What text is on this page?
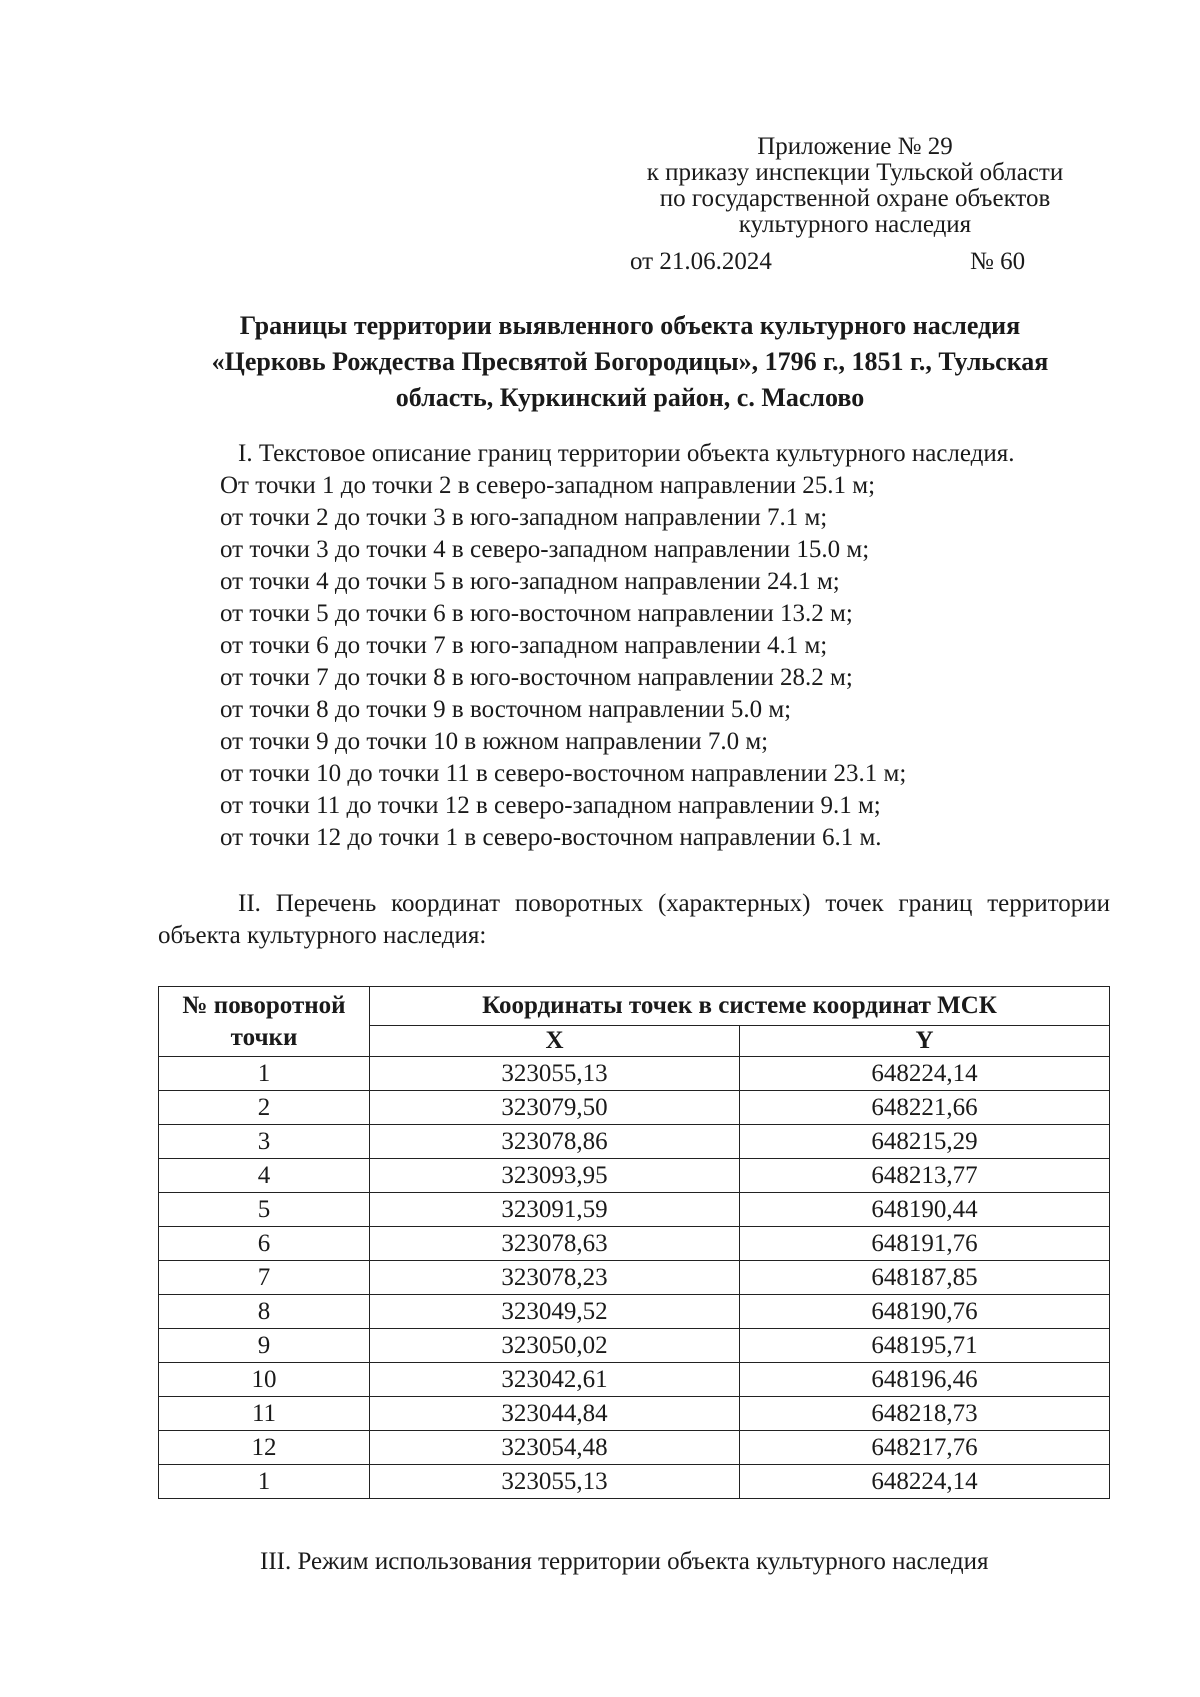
Приложение № 29
к приказу инспекции Тульской области
по государственной охране объектов
культурного наследия
от 21.06.2024	№ 60
Границы территории выявленного объекта культурного наследия
«Церковь Рождества Пресвятой Богородицы», 1796 г., 1851 г., Тульская
область, Куркинский район, с. Маслово
I. Текстовое описание границ территории объекта культурного наследия.
От точки 1 до точки 2 в северо-западном направлении 25.1 м;
от точки 2 до точки 3 в юго-западном направлении 7.1 м;
от точки 3 до точки 4 в северо-западном направлении 15.0 м;
от точки 4 до точки 5 в юго-западном направлении 24.1 м;
от точки 5 до точки 6 в юго-восточном направлении 13.2 м;
от точки 6 до точки 7 в юго-западном направлении 4.1 м;
от точки 7 до точки 8 в юго-восточном направлении 28.2 м;
от точки 8 до точки 9 в восточном направлении 5.0 м;
от точки 9 до точки 10 в южном направлении 7.0 м;
от точки 10 до точки 11 в северо-восточном направлении 23.1 м;
от точки 11 до точки 12 в северо-западном направлении 9.1 м;
от точки 12 до точки 1 в северо-восточном направлении 6.1 м.
II. Перечень координат поворотных (характерных) точек границ территории объекта культурного наследия:
№ поворотной точки	Координаты точек в системе координат МСК	
	X	Y
1	323055,13	648224,14
2	323079,50	648221,66
3	323078,86	648215,29
4	323093,95	648213,77
5	323091,59	648190,44
6	323078,63	648191,76
7	323078,23	648187,85
8	323049,52	648190,76
9	323050,02	648195,71
10	323042,61	648196,46
11	323044,84	648218,73
12	323054,48	648217,76
1	323055,13	648224,14
III. Режим использования территории объекта культурного наследия
